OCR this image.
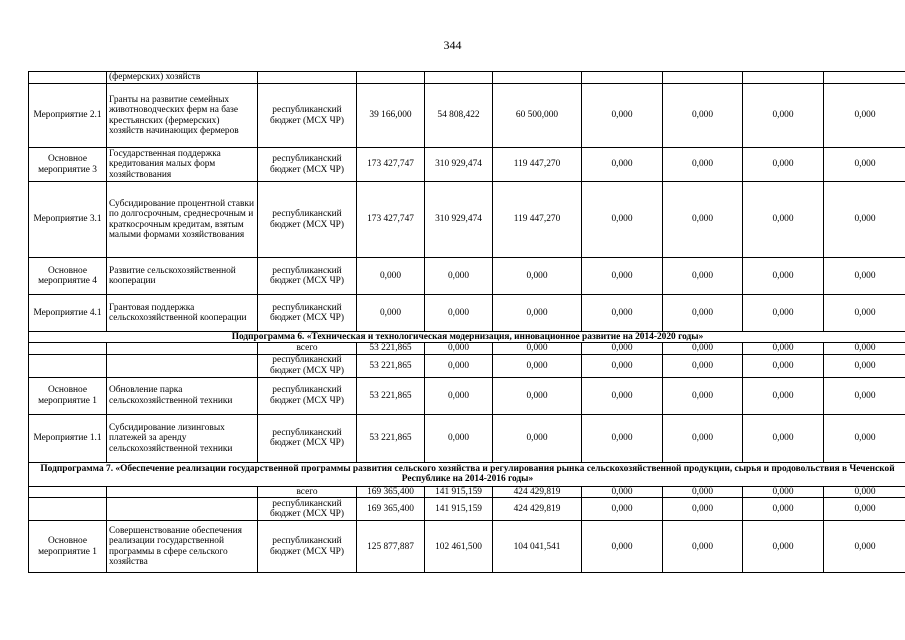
344
	(фермерских) хозяйств								
Мероприятие 2.1	Гранты на развитие семейных животноводческих ферм на базе крестьянских (фермерских) хозяйств начинающих фермеров	республиканский бюджет (МСХ ЧР)	39 166,000	54 808,422	60 500,000	0,000	0,000	0,000	0,000
Основное мероприятие 3	Государственная поддержка кредитования малых форм хозяйствования	республиканский бюджет (МСХ ЧР)	173 427,747	310 929,474	119 447,270	0,000	0,000	0,000	0,000
Мероприятие 3.1	Субсидирование процентной ставки по долгосрочным, среднесрочным и краткосрочным кредитам, взятым малыми формами хозяйствования	республиканский бюджет (МСХ ЧР)	173 427,747	310 929,474	119 447,270	0,000	0,000	0,000	0,000
Основное мероприятие 4	Развитие сельскохозяйственной кооперации	республиканский бюджет (МСХ ЧР)	0,000	0,000	0,000	0,000	0,000	0,000	0,000
Мероприятие 4.1	Грантовая поддержка сельскохозяйственной кооперации	республиканский бюджет (МСХ ЧР)	0,000	0,000	0,000	0,000	0,000	0,000	0,000
Подпрограмма 6. «Техническая и технологическая модернизация, инновационное развитие на 2014-2020 годы»									
		всего	53 221,865	0,000	0,000	0,000	0,000	0,000	0,000
		республиканский бюджет (МСХ ЧР)	53 221,865	0,000	0,000	0,000	0,000	0,000	0,000
Основное мероприятие 1	Обновление парка сельскохозяйственной техники	республиканский бюджет (МСХ ЧР)	53 221,865	0,000	0,000	0,000	0,000	0,000	0,000
Мероприятие 1.1	Субсидирование лизинговых платежей за аренду сельскохозяйственной техники	республиканский бюджет (МСХ ЧР)	53 221,865	0,000	0,000	0,000	0,000	0,000	0,000
Подпрограмма 7. «Обеспечение реализации государственной программы развития сельского хозяйства и регулирования рынка сельскохозяйственной продукции, сырья и продовольствия в Чеченской Республике на 2014-2016 годы»									
		всего	169 365,400	141 915,159	424 429,819	0,000	0,000	0,000	0,000
		республиканский бюджет (МСХ ЧР)	169 365,400	141 915,159	424 429,819	0,000	0,000	0,000	0,000
Основное мероприятие 1	Совершенствование обеспечения реализации государственной программы в сфере сельского хозяйства	республиканский бюджет (МСХ ЧР)	125 877,887	102 461,500	104 041,541	0,000	0,000	0,000	0,000
